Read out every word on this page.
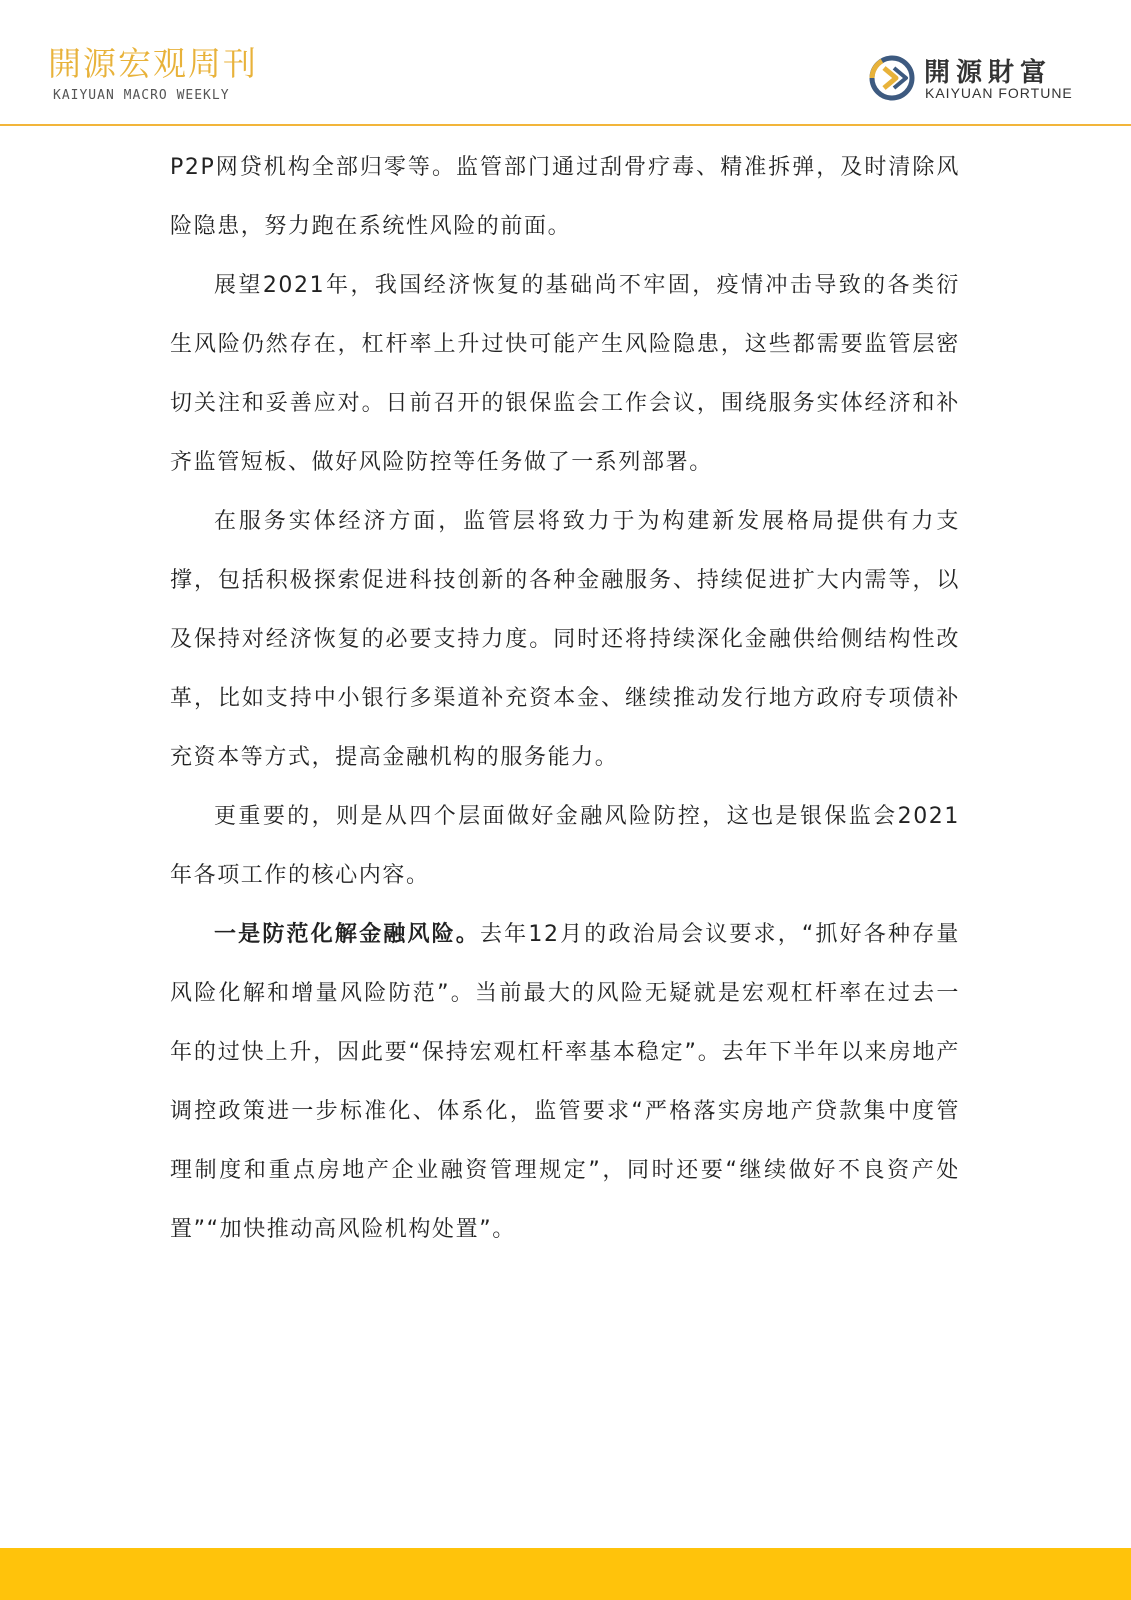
開源宏观周刊
KAIYUAN MACRO WEEKLY
開源財富
KAIYUAN FORTUNE

P2P网贷机构全部归零等。监管部门通过刮骨疗毒、精准拆弹，及时清除风险隐患，努力跑在系统性风险的前面。

展望2021年，我国经济恢复的基础尚不牢固，疫情冲击导致的各类衍生风险仍然存在，杠杆率上升过快可能产生风险隐患，这些都需要监管层密切关注和妥善应对。日前召开的银保监会工作会议，围绕服务实体经济和补齐监管短板、做好风险防控等任务做了一系列部署。

在服务实体经济方面，监管层将致力于为构建新发展格局提供有力支撑，包括积极探索促进科技创新的各种金融服务、持续促进扩大内需等，以及保持对经济恢复的必要支持力度。同时还将持续深化金融供给侧结构性改革，比如支持中小银行多渠道补充资本金、继续推动发行地方政府专项债补充资本等方式，提高金融机构的服务能力。

更重要的，则是从四个层面做好金融风险防控，这也是银保监会2021年各项工作的核心内容。

一是防范化解金融风险。去年12月的政治局会议要求，“抓好各种存量风险化解和增量风险防范”。当前最大的风险无疑就是宏观杠杆率在过去一年的过快上升，因此要“保持宏观杠杆率基本稳定”。去年下半年以来房地产调控政策进一步标准化、体系化，监管要求“严格落实房地产贷款集中度管理制度和重点房地产企业融资管理规定”，同时还要“继续做好不良资产处置”“加快推动高风险机构处置”。
